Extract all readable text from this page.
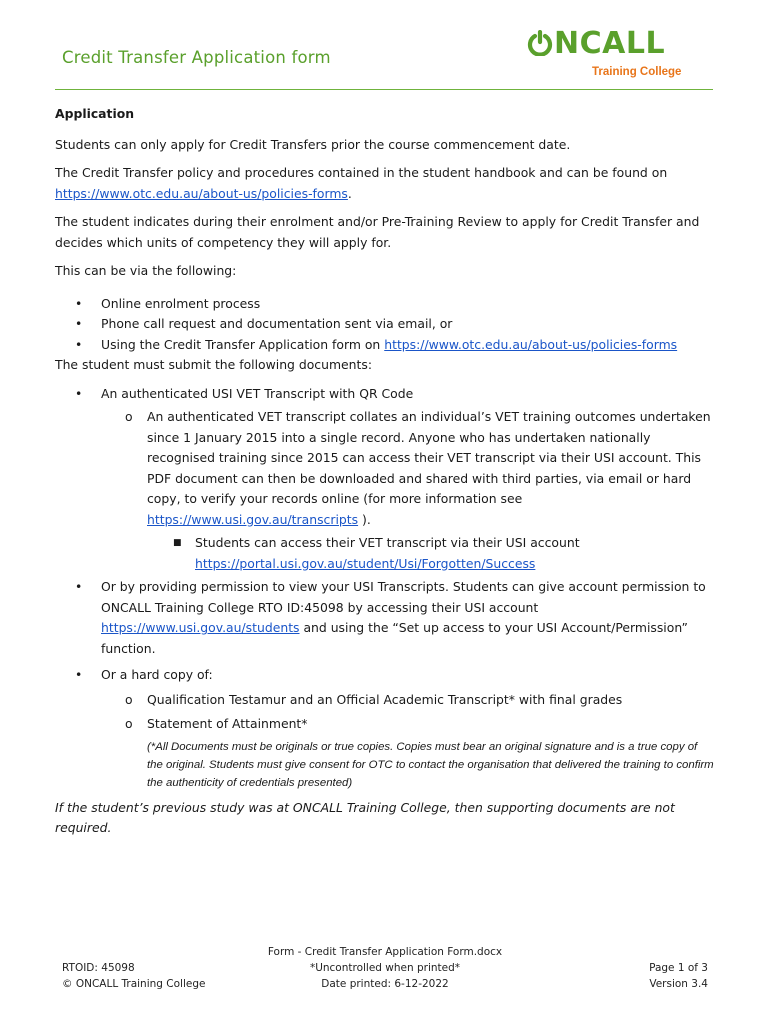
Credit Transfer Application form	NCALL
Training College

Application

Students can only apply for Credit Transfers prior the course commencement date.

The Credit Transfer policy and procedures contained in the student handbook and can be found on https://www.otc.edu.au/about-us/policies-forms.

The student indicates during their enrolment and/or Pre-Training Review to apply for Credit Transfer and decides which units of competency they will apply for.

This can be via the following:

• Online enrolment process
• Phone call request and documentation sent via email, or
• Using the Credit Transfer Application form on https://www.otc.edu.au/about-us/policies-forms

The student must submit the following documents:

• An authenticated USI VET Transcript with QR Code
o An authenticated VET transcript collates an individual’s VET training outcomes undertaken since 1 January 2015 into a single record. Anyone who has undertaken nationally recognised training since 2015 can access their VET transcript via their USI account. This PDF document can then be downloaded and shared with third parties, via email or hard copy, to verify your records online (for more information see https://www.usi.gov.au/transcripts ).
■ Students can access their VET transcript via their USI account
https://portal.usi.gov.au/student/Usi/Forgotten/Success
• Or by providing permission to view your USI Transcripts. Students can give account permission to ONCALL Training College RTO ID:45098 by accessing their USI account https://www.usi.gov.au/students and using the “Set up access to your USI Account/Permission” function.
• Or a hard copy of:
o Qualification Testamur and an Official Academic Transcript* with final grades
o Statement of Attainment*

(*All Documents must be originals or true copies. Copies must bear an original signature and is a true copy of the original. Students must give consent for OTC to contact the organisation that delivered the training to confirm the authenticity of credentials presented)

If the student’s previous study was at ONCALL Training College, then supporting documents are not required.

RTOID: 45098
© ONCALL Training College
Form - Credit Transfer Application Form.docx
*Uncontrolled when printed*
Date printed: 6-12-2022
Page 1 of 3
Version 3.4
